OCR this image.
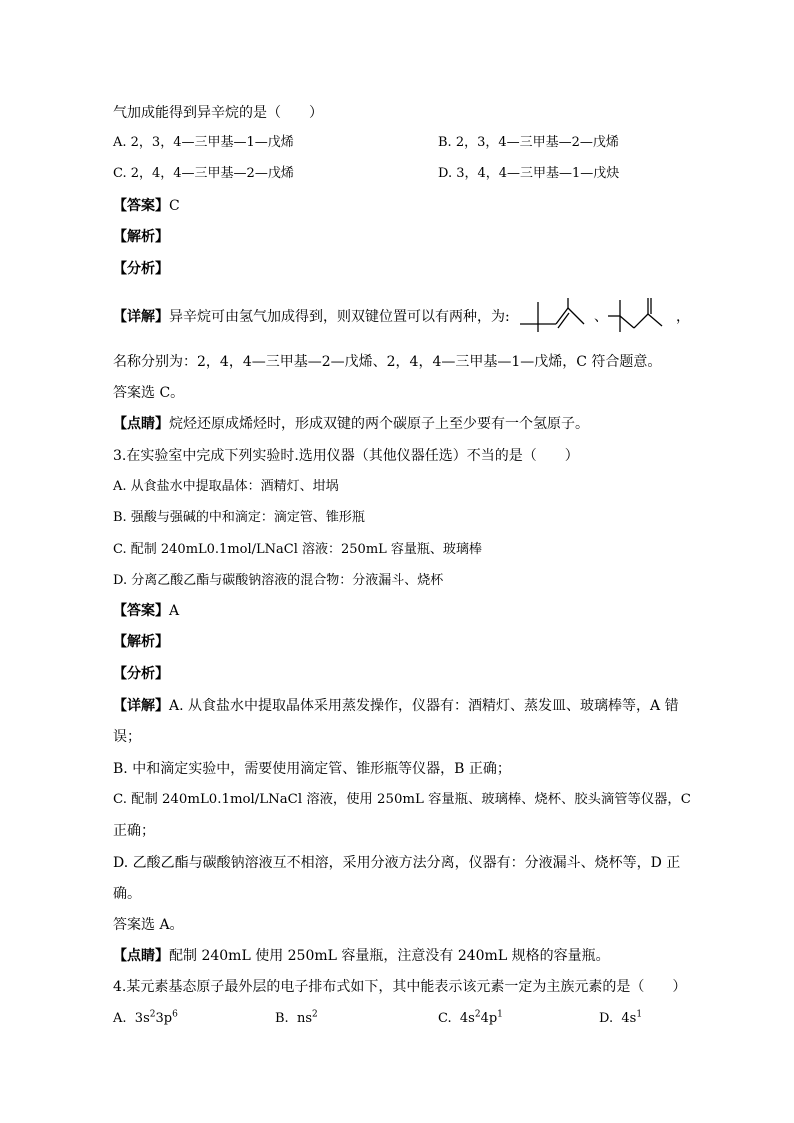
气加成能得到异辛烷的是（　　）
A. 2，3，4—三甲基—1—戊烯	B. 2，3，4—三甲基—2—戊烯
C. 2，4，4—三甲基—2—戊烯	D. 3，4，4—三甲基—1—戊炔
【答案】C
【解析】
【分析】
【详解】异辛烷可由氢气加成得到，则双键位置可以有两种，为:	、	，
名称分别为：2，4，4—三甲基—2—戊烯、2，4，4—三甲基—1—戊烯，C 符合题意。
答案选 C。
【点睛】烷烃还原成烯烃时，形成双键的两个碳原子上至少要有一个氢原子。
3.在实验室中完成下列实验时.选用仪器（其他仪器任选）不当的是（　　）
A. 从食盐水中提取晶体：酒精灯、坩埚
B. 强酸与强碱的中和滴定：滴定管、锥形瓶
C. 配制 240mL0.1mol/LNaCl 溶液：250mL 容量瓶、玻璃棒
D. 分离乙酸乙酯与碳酸钠溶液的混合物：分液漏斗、烧杯
【答案】A
【解析】
【分析】
【详解】A. 从食盐水中提取晶体采用蒸发操作，仪器有：酒精灯、蒸发皿、玻璃棒等，A 错
误；
B. 中和滴定实验中，需要使用滴定管、锥形瓶等仪器，B 正确；
C. 配制 240mL0.1mol/LNaCl 溶液，使用 250mL 容量瓶、玻璃棒、烧杯、胶头滴管等仪器，C
正确；
D. 乙酸乙酯与碳酸钠溶液互不相溶，采用分液方法分离，仪器有：分液漏斗、烧杯等，D 正
确。
答案选 A。
【点睛】配制 240mL 使用 250mL 容量瓶，注意没有 240mL 规格的容量瓶。
4.某元素基态原子最外层的电子排布式如下，其中能表示该元素一定为主族元素的是（　　）
A. $3s^23p^6$	B. $ns^2$	C. $4s^24p^1$	D. $4s^1$
